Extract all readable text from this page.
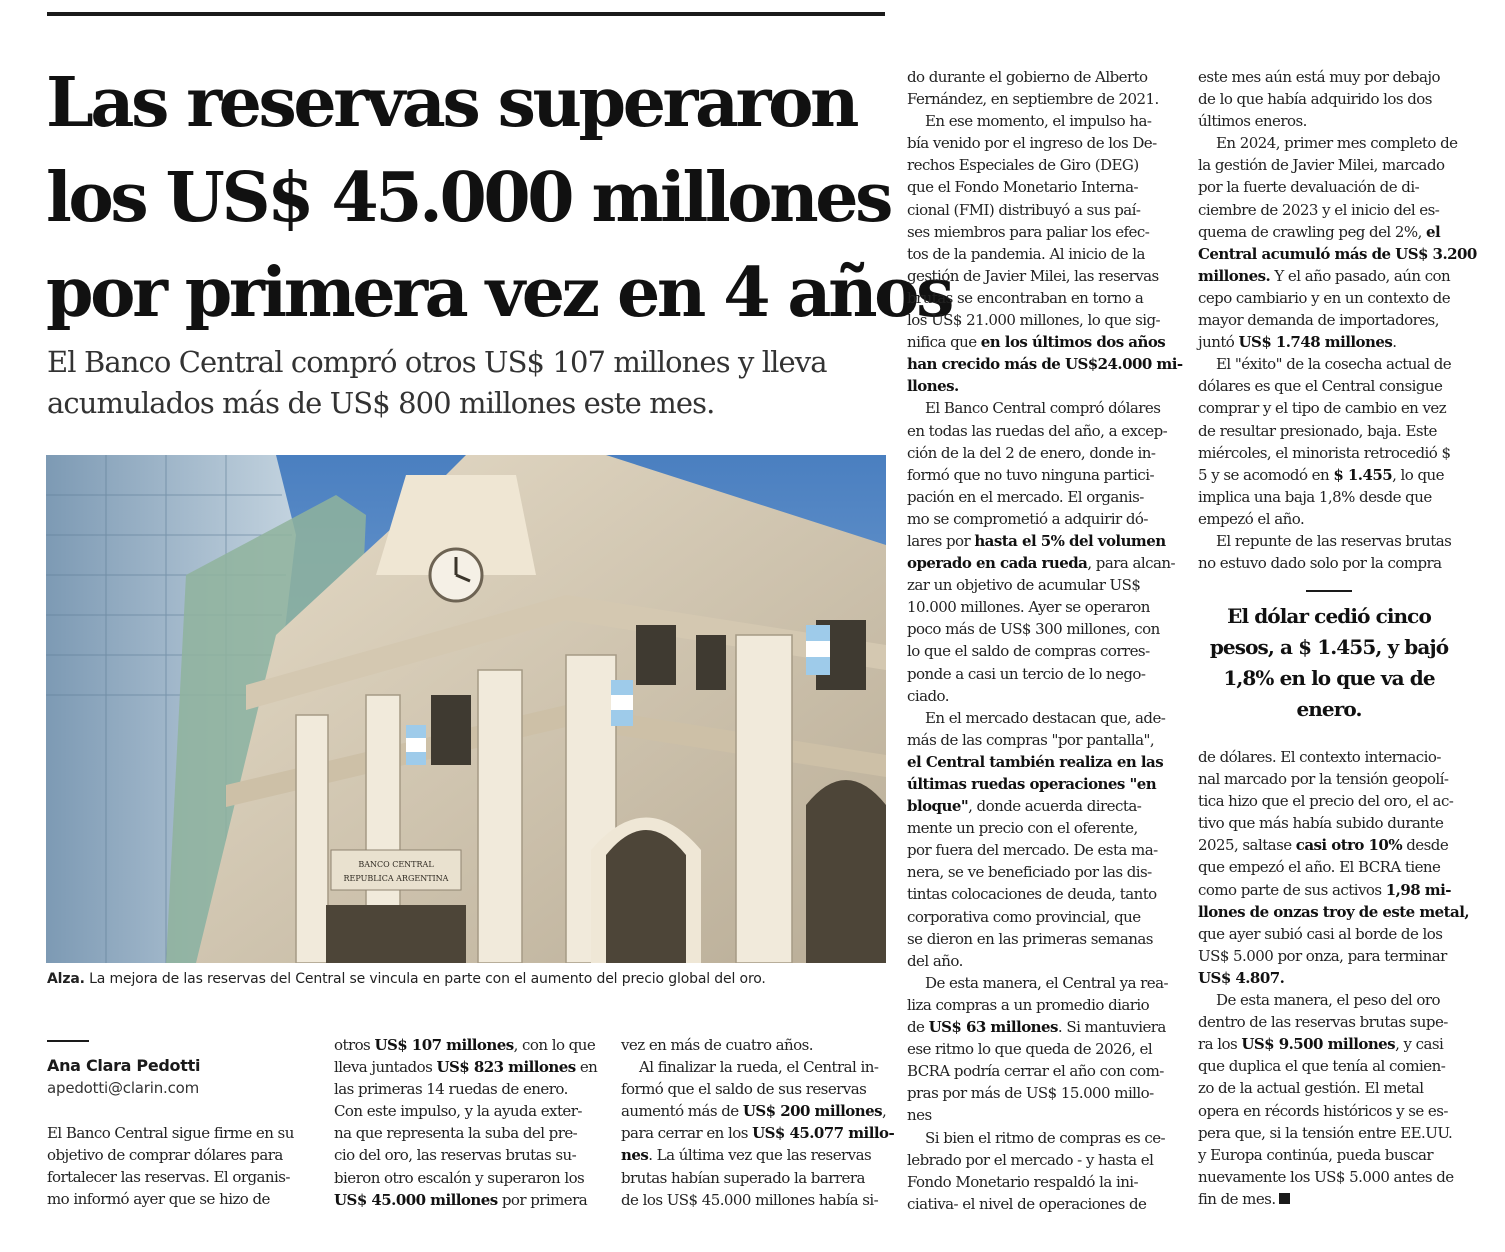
Las reservas superaron
los US$ 45.000 millones
por primera vez en 4 años
El Banco Central compró otros US$ 107 millones y lleva
acumulados más de US$ 800 millones este mes.
BANCO CENTRAL
REPUBLICA ARGENTINA
Alza. La mejora de las reservas del Central se vincula en parte con el aumento del precio global del oro.
Ana Clara Pedotti
apedotti@clarin.com
El Banco Central sigue firme en su
objetivo de comprar dólares para
fortalecer las reservas. El organis-
mo informó ayer que se hizo de
otros US$ 107 millones, con lo que
lleva juntados US$ 823 millones en
las primeras 14 ruedas de enero.
Con este impulso, y la ayuda exter-
na que representa la suba del pre-
cio del oro, las reservas brutas su-
bieron otro escalón y superaron los
US$ 45.000 millones por primera
vez en más de cuatro años.
Al finalizar la rueda, el Central in-
formó que el saldo de sus reservas
aumentó más de US$ 200 millones,
para cerrar en los US$ 45.077 millo-
nes. La última vez que las reservas
brutas habían superado la barrera
de los US$ 45.000 millones había si-
do durante el gobierno de Alberto
Fernández, en septiembre de 2021.
En ese momento, el impulso ha-
bía venido por el ingreso de los De-
rechos Especiales de Giro (DEG)
que el Fondo Monetario Interna-
cional (FMI) distribuyó a sus paí-
ses miembros para paliar los efec-
tos de la pandemia. Al inicio de la
gestión de Javier Milei, las reservas
brutas se encontraban en torno a
los US$ 21.000 millones, lo que sig-
nifica que en los últimos dos años
han crecido más de US$24.000 mi-
llones.
El Banco Central compró dólares
en todas las ruedas del año, a excep-
ción de la del 2 de enero, donde in-
formó que no tuvo ninguna partici-
pación en el mercado. El organis-
mo se comprometió a adquirir dó-
lares por hasta el 5% del volumen
operado en cada rueda, para alcan-
zar un objetivo de acumular US$
10.000 millones. Ayer se operaron
poco más de US$ 300 millones, con
lo que el saldo de compras corres-
ponde a casi un tercio de lo nego-
ciado.
En el mercado destacan que, ade-
más de las compras "por pantalla",
el Central también realiza en las
últimas ruedas operaciones "en
bloque", donde acuerda directa-
mente un precio con el oferente,
por fuera del mercado. De esta ma-
nera, se ve beneficiado por las dis-
tintas colocaciones de deuda, tanto
corporativa como provincial, que
se dieron en las primeras semanas
del año.
De esta manera, el Central ya rea-
liza compras a un promedio diario
de US$ 63 millones. Si mantuviera
ese ritmo lo que queda de 2026, el
BCRA podría cerrar el año con com-
pras por más de US$ 15.000 millo-
nes
Si bien el ritmo de compras es ce-
lebrado por el mercado - y hasta el
Fondo Monetario respaldó la ini-
ciativa- el nivel de operaciones de
este mes aún está muy por debajo
de lo que había adquirido los dos
últimos eneros.
En 2024, primer mes completo de
la gestión de Javier Milei, marcado
por la fuerte devaluación de di-
ciembre de 2023 y el inicio del es-
quema de crawling peg del 2%, el
Central acumuló más de US$ 3.200
millones. Y el año pasado, aún con
cepo cambiario y en un contexto de
mayor demanda de importadores,
juntó US$ 1.748 millones.
El "éxito" de la cosecha actual de
dólares es que el Central consigue
comprar y el tipo de cambio en vez
de resultar presionado, baja. Este
miércoles, el minorista retrocedió $
5 y se acomodó en $ 1.455, lo que
implica una baja 1,8% desde que
empezó el año.
El repunte de las reservas brutas
no estuvo dado solo por la compra
El dólar cedió cinco
pesos, a $ 1.455, y bajó
1,8% en lo que va de
enero.
de dólares. El contexto internacio-
nal marcado por la tensión geopolí-
tica hizo que el precio del oro, el ac-
tivo que más había subido durante
2025, saltase casi otro 10% desde
que empezó el año. El BCRA tiene
como parte de sus activos 1,98 mi-
llones de onzas troy de este metal,
que ayer subió casi al borde de los
US$ 5.000 por onza, para terminar
US$ 4.807.
De esta manera, el peso del oro
dentro de las reservas brutas supe-
ra los US$ 9.500 millones, y casi
que duplica el que tenía al comien-
zo de la actual gestión. El metal
opera en récords históricos y se es-
pera que, si la tensión entre EE.UU.
y Europa continúa, pueda buscar
nuevamente los US$ 5.000 antes de
fin de mes.
